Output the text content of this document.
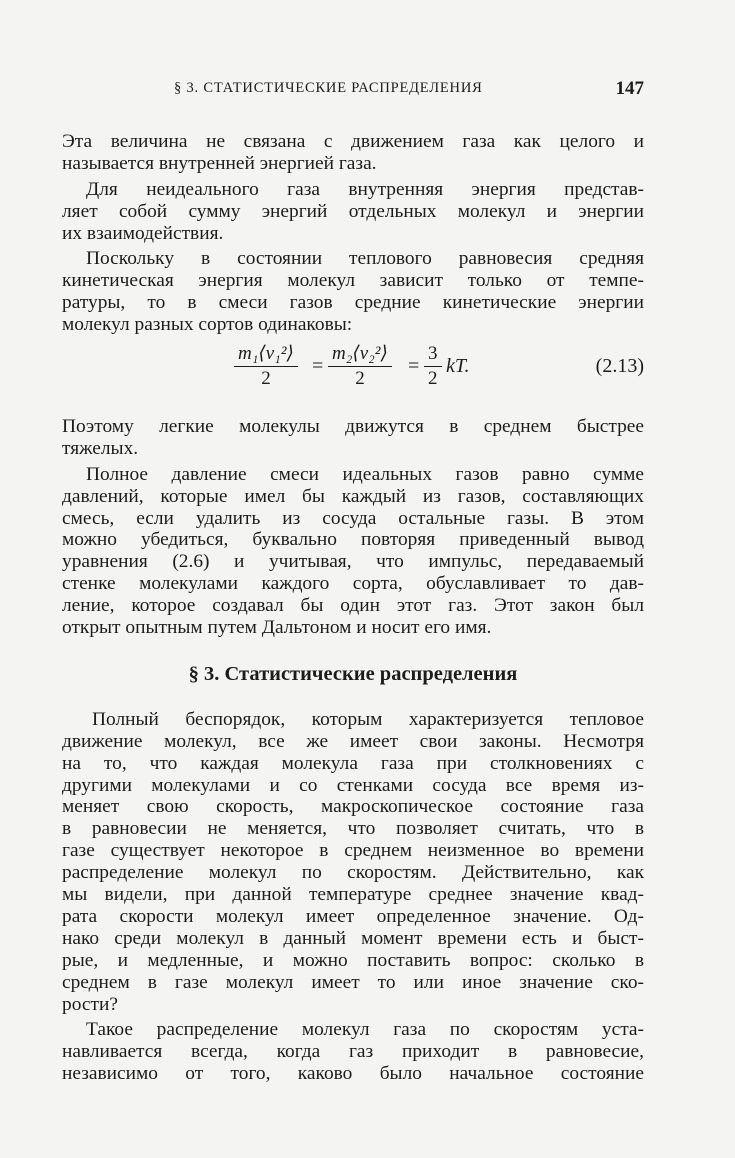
§ 3. СТАТИСТИЧЕСКИЕ РАСПРЕДЕЛЕНИЯ	147
Эта величина не связана с движением газа как целого и
называется внутренней энергией газа.
Для неидеального газа внутренняя энергия представ-
ляет собой сумму энергий отдельных молекул и энергии
их взаимодействия.
Поскольку в состоянии теплового равновесия средняя
кинетическая энергия молекул зависит только от темпе-
ратуры, то в смеси газов средние кинетические энергии
молекул разных сортов одинаковы:
$\frac{\text{m₁⟨v₁²⟩}}{2} = \frac{\text{m₂⟨v₂²⟩}}{2} = \frac{3}{2}$ kT.	(2.13)
Поэтому легкие молекулы движутся в среднем быстрее
тяжелых.
Полное давление смеси идеальных газов равно сумме
давлений, которые имел бы каждый из газов, составляющих
смесь, если удалить из сосуда остальные газы. В этом
можно убедиться, буквально повторяя приведенный вывод
уравнения (2.6) и учитывая, что импульс, передаваемый
стенке молекулами каждого сорта, обуславливает то дав-
ление, которое создавал бы один этот газ. Этот закон был
открыт опытным путем Дальтоном и носит его имя.
§ 3. Статистические распределения
Полный беспорядок, которым характеризуется тепловое
движение молекул, все же имеет свои законы. Несмотря
на то, что каждая молекула газа при столкновениях с
другими молекулами и со стенками сосуда все время из-
меняет свою скорость, макроскопическое состояние газа
в равновесии не меняется, что позволяет считать, что в
газе существует некоторое в среднем неизменное во времени
распределение молекул по скоростям. Действительно, как
мы видели, при данной температуре среднее значение квад-
рата скорости молекул имеет определенное значение. Од-
нако среди молекул в данный момент времени есть и быст-
рые, и медленные, и можно поставить вопрос: сколько в
среднем в газе молекул имеет то или иное значение ско-
рости?
Такое распределение молекул газа по скоростям уста-
навливается всегда, когда газ приходит в равновесие,
независимо от того, каково было начальное состояние
